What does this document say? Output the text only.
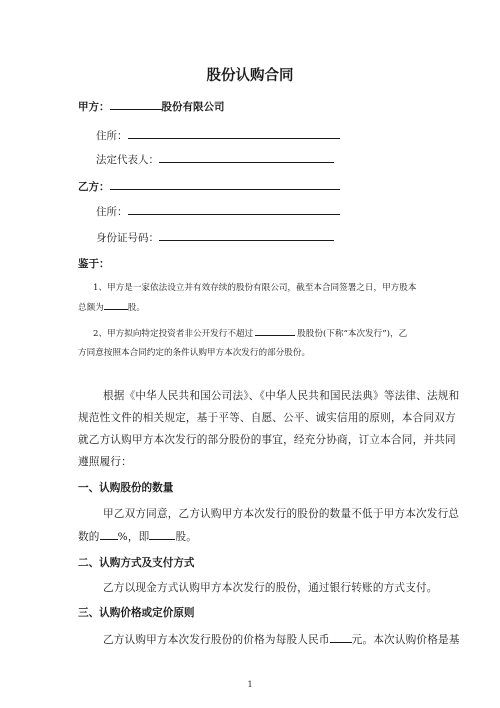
股份认购合同
甲方：	股份有限公司
住所：
法定代表人：
乙方：
住所：
身份证号码：
鉴于：
1、甲方是一家依法设立并有效存续的股份有限公司，截至本合同签署之日，甲方股本
总额为	股。
2、甲方拟向特定投资者非公开发行不超过	股股份(下称“本次发行”)，乙
方同意按照本合同约定的条件认购甲方本次发行的部分股份。
根据《中华人民共和国公司法》、《中华人民共和国民法典》等法律、法规和
规范性文件的相关规定，基于平等、自愿、公平、诚实信用的原则，本合同双方
就乙方认购甲方本次发行的部分股份的事宜，经充分协商，订立本合同，并共同
遵照履行：
一、认购股份的数量
甲乙双方同意，乙方认购甲方本次发行的股份的数量不低于甲方本次发行总
数的 %，即 股。
二、认购方式及支付方式
乙方以现金方式认购甲方本次发行的股份，通过银行转账的方式支付。
三、认购价格或定价原则
乙方认购甲方本次发行股份的价格为每股人民币 元。本次认购价格是基
1
